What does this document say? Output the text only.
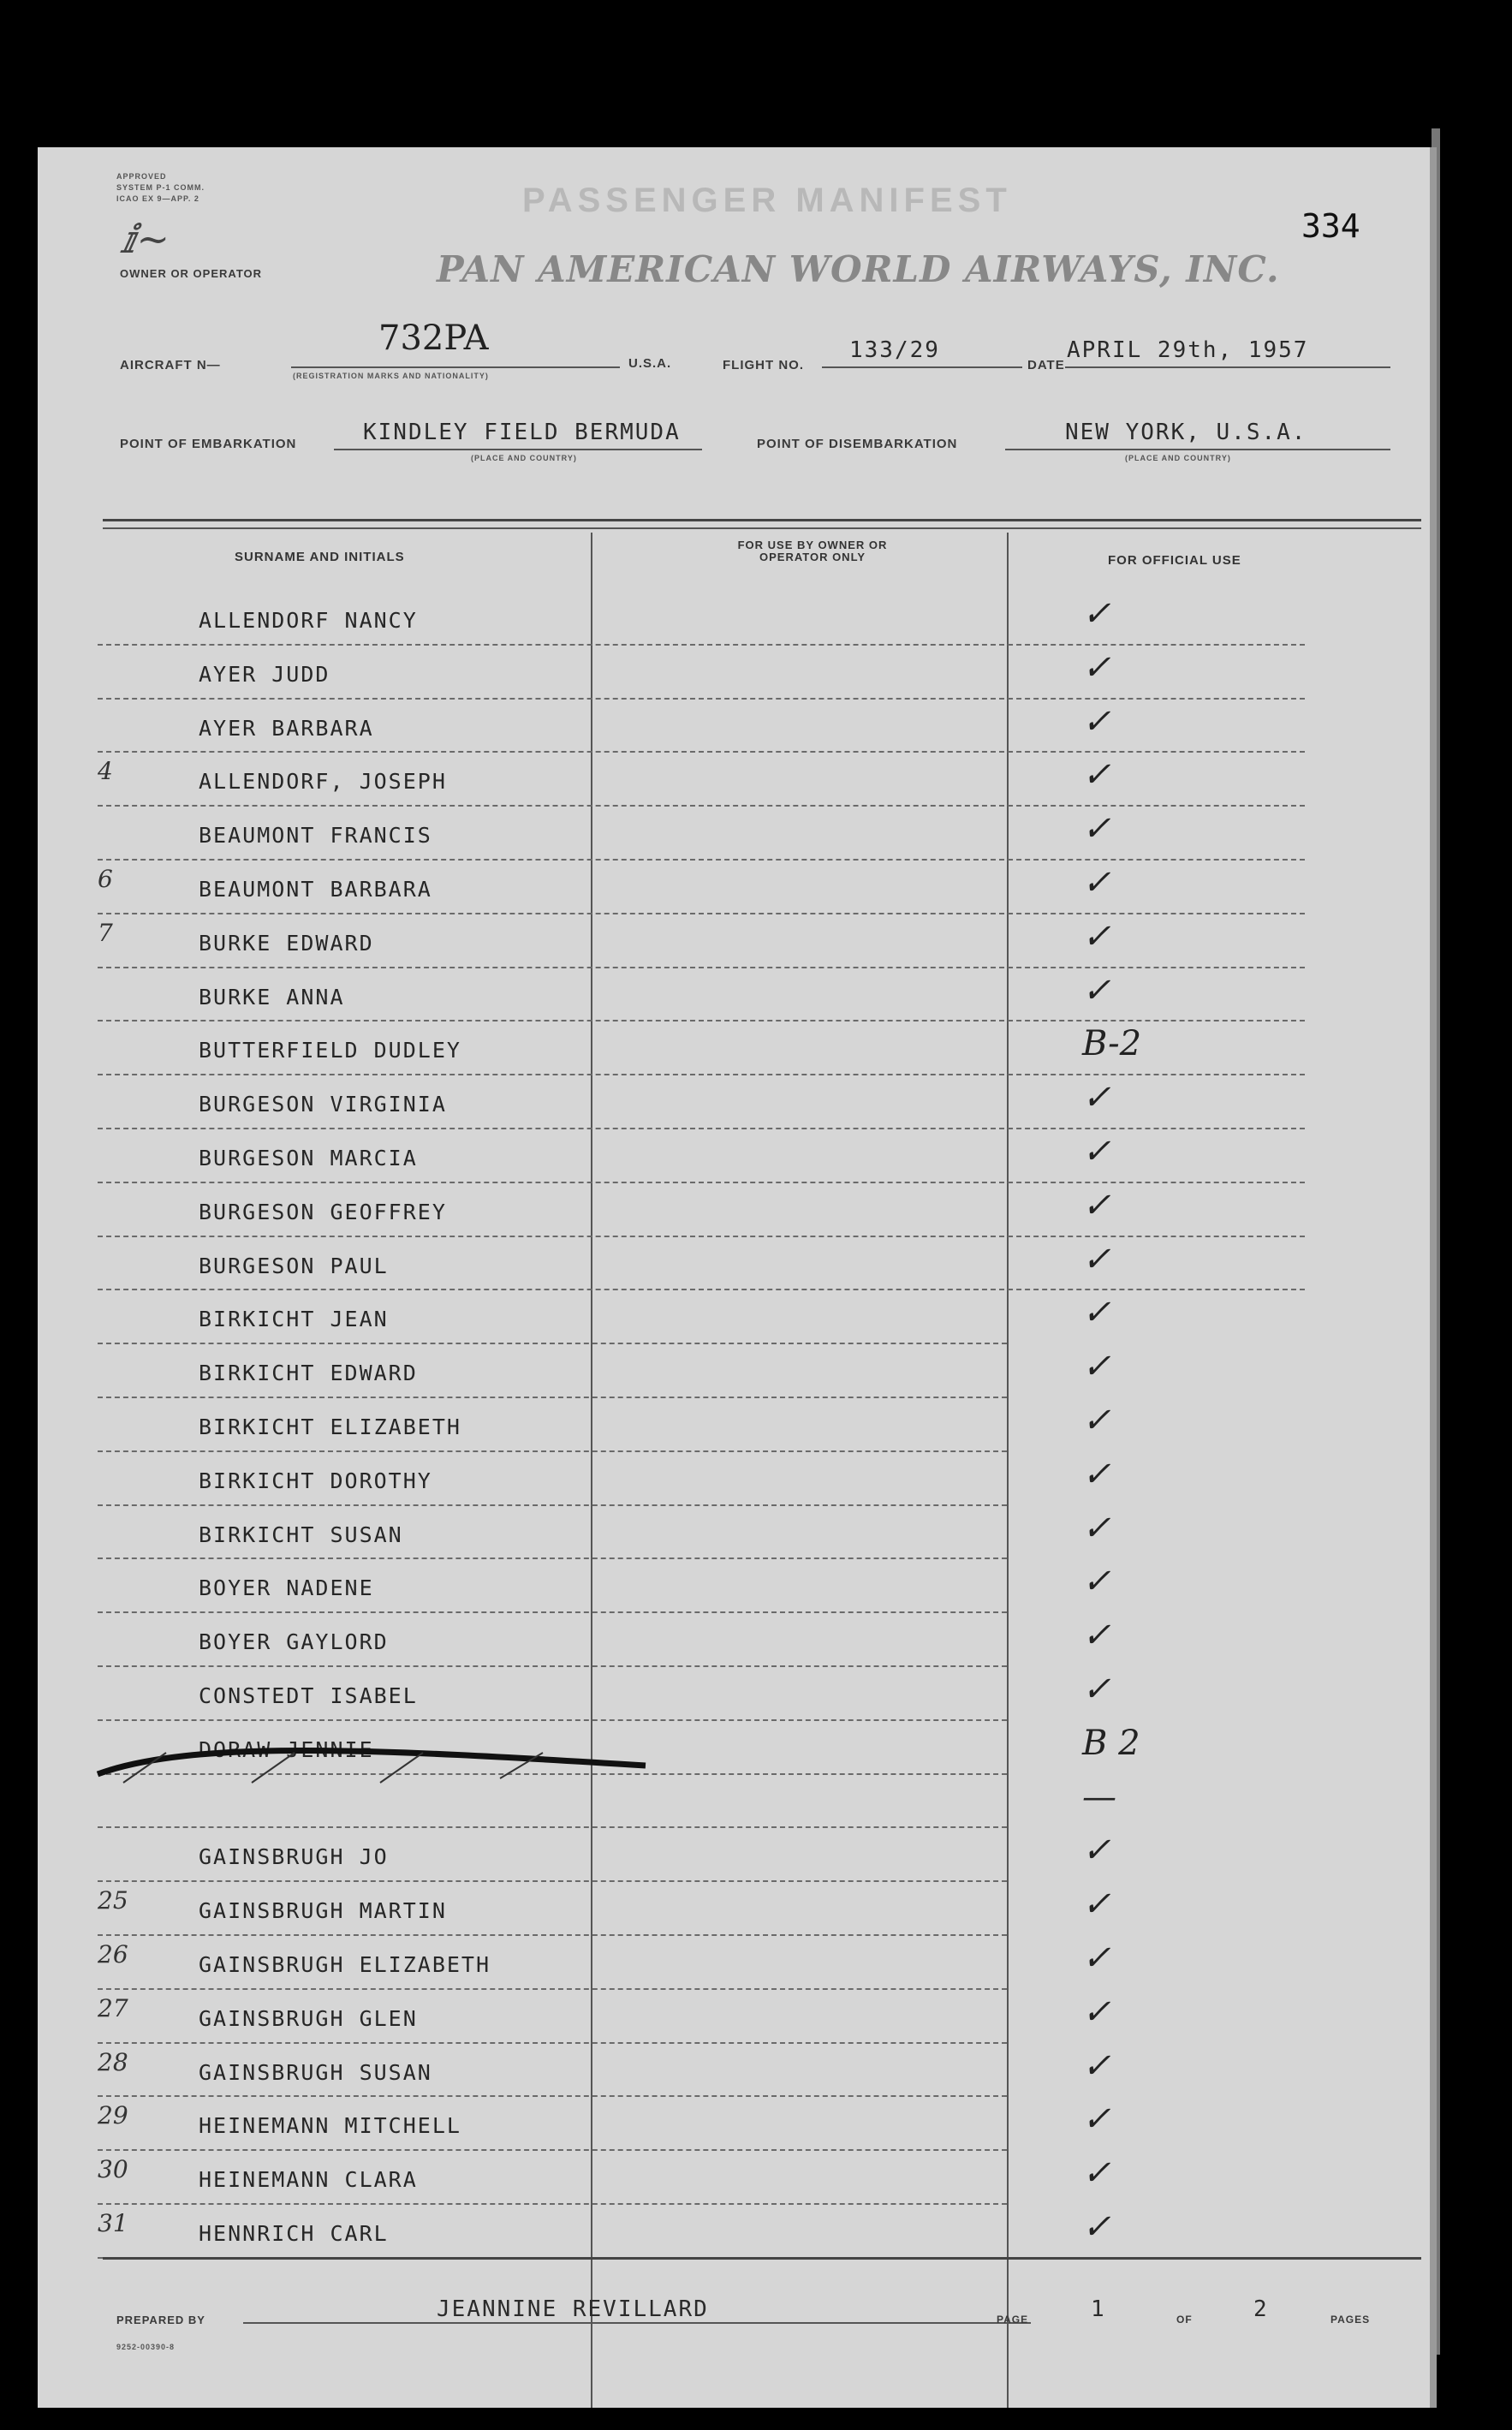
APPROVED
SYSTEM P-1 COMM.
ICAO EX 9—APP. 2
ⅈ~
PASSENGER MANIFEST
334
OWNER OR OPERATOR	PAN AMERICAN WORLD AIRWAYS, INC.
AIRCRAFT N—
732PA
(REGISTRATION MARKS AND NATIONALITY)
U.S.A.	FLIGHT NO.
133/29
DATE
APRIL 29th, 1957
POINT OF EMBARKATION	KINDLEY FIELD BERMUDA
(PLACE AND COUNTRY)
POINT OF DISEMBARKATION	NEW YORK, U.S.A.
(PLACE AND COUNTRY)
SURNAME AND INITIALS
FOR USE BY OWNER OR OPERATOR ONLY	FOR OFFICIAL USE
ALLENDORF NANCY	✓
AYER JUDD	✓
AYER BARBARA	✓
4	ALLENDORF, JOSEPH	✓
BEAUMONT FRANCIS	✓
6	BEAUMONT BARBARA	✓
7	BURKE EDWARD	✓
BURKE ANNA	✓
BUTTERFIELD DUDLEY	B-2
BURGESON VIRGINIA	✓
BURGESON MARCIA	✓
BURGESON GEOFFREY	✓
BURGESON PAUL	✓
BIRKICHT JEAN	✓
BIRKICHT EDWARD	✓
BIRKICHT ELIZABETH	✓
BIRKICHT DOROTHY	✓
BIRKICHT SUSAN	✓
BOYER NADENE	✓
BOYER GAYLORD	✓
CONSTEDT ISABEL	✓
DORAW JENNIE	B 2
—
GAINSBRUGH JO	✓
25	GAINSBRUGH MARTIN	✓
26	GAINSBRUGH ELIZABETH	✓
27	GAINSBRUGH GLEN	✓
28	GAINSBRUGH SUSAN	✓
29	HEINEMANN MITCHELL	✓
30	HEINEMANN CLARA	✓
31	HENNRICH CARL	✓
PREPARED BY	JEANNINE REVILLARD	PAGE	1	OF	2	PAGES
9252-00390-8
